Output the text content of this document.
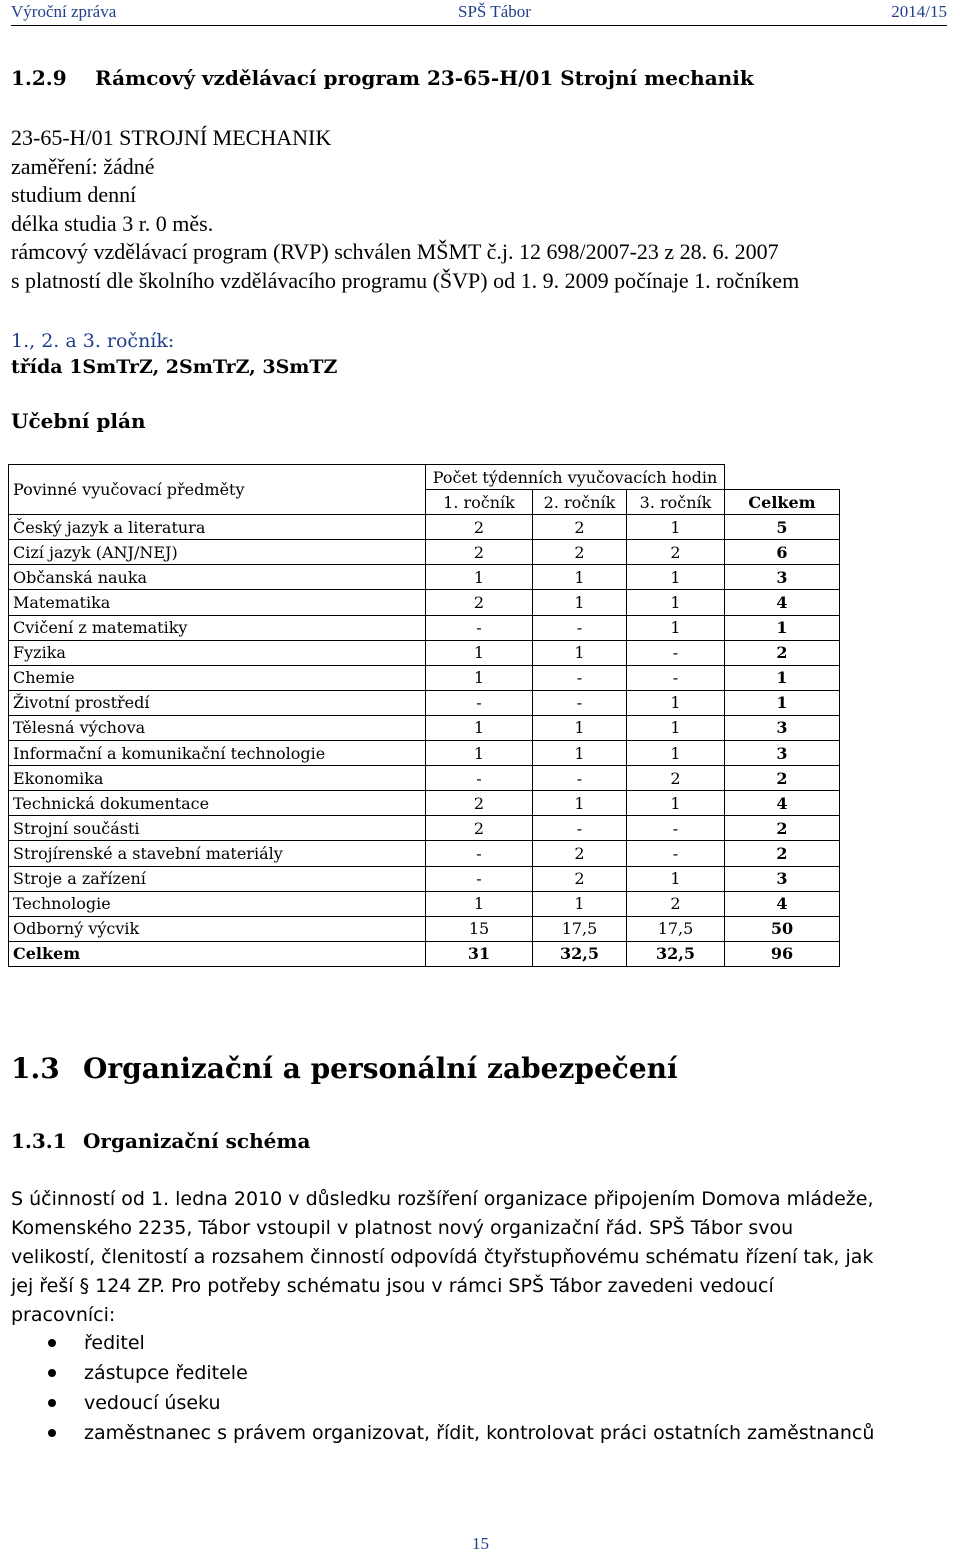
Výroční zpráva	SPŠ Tábor	2014/15
1.2.9 Rámcový vzdělávací program 23-65-H/01 Strojní mechanik
23-65-H/01 STROJNÍ MECHANIK
zaměření: žádné
studium denní
délka studia 3 r. 0 měs.
rámcový vzdělávací program (RVP) schválen MŠMT č.j. 12 698/2007-23 z 28. 6. 2007
s platností dle školního vzdělávacího programu (ŠVP) od 1. 9. 2009 počínaje 1. ročníkem
1., 2. a 3. ročník:
třída 1SmTrZ, 2SmTrZ, 3SmTZ
Učební plán
Povinné vyučovací předměty	Počet týdenních vyučovacích hodin			
	1. ročník	2. ročník	3. ročník	Celkem
Český jazyk a literatura	2	2	1	5
Cizí jazyk (ANJ/NEJ)	2	2	2	6
Občanská nauka	1	1	1	3
Matematika	2	1	1	4
Cvičení z matematiky	-	-	1	1
Fyzika	1	1	-	2
Chemie	1	-	-	1
Životní prostředí	-	-	1	1
Tělesná výchova	1	1	1	3
Informační a komunikační technologie	1	1	1	3
Ekonomika	-	-	2	2
Technická dokumentace	2	1	1	4
Strojní součásti	2	-	-	2
Strojírenské a stavební materiály	-	2	-	2
Stroje a zařízení	-	2	1	3
Technologie	1	1	2	4
Odborný výcvik	15	17,5	17,5	50
Celkem	31	32,5	32,5	96
1.3 Organizační a personální zabezpečení
1.3.1 Organizační schéma
S účinností od 1. ledna 2010 v důsledku rozšíření organizace připojením Domova mládeže,
Komenského 2235, Tábor vstoupil v platnost nový organizační řád. SPŠ Tábor svou
velikostí, členitostí a rozsahem činností odpovídá čtyřstupňovému schématu řízení tak, jak
jej řeší § 124 ZP. Pro potřeby schématu jsou v rámci SPŠ Tábor zavedeni vedoucí
pracovníci:
ředitel
zástupce ředitele
vedoucí úseku
zaměstnanec s právem organizovat, řídit, kontrolovat práci ostatních zaměstnanců
15
